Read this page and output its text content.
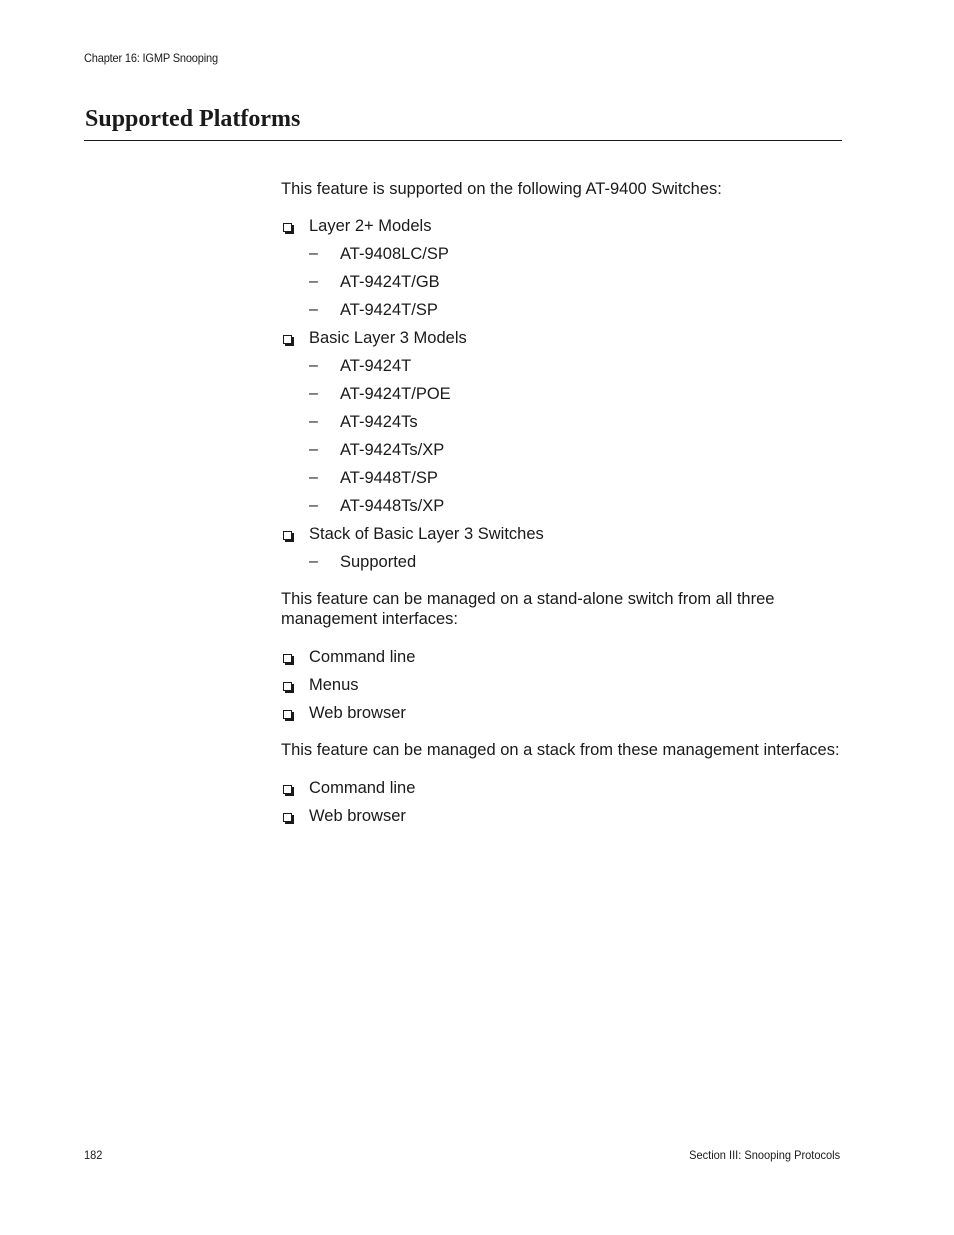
Chapter 16: IGMP Snooping
Supported Platforms

This feature is supported on the following AT-9400 Switches:

Layer 2+ Models
–	AT-9408LC/SP
–	AT-9424T/GB
–	AT-9424T/SP
Basic Layer 3 Models
–	AT-9424T
–	AT-9424T/POE
–	AT-9424Ts
–	AT-9424Ts/XP
–	AT-9448T/SP
–	AT-9448Ts/XP
Stack of Basic Layer 3 Switches
–	Supported

This feature can be managed on a stand-alone switch from all three management interfaces:

Command line
Menus
Web browser

This feature can be managed on a stack from these management interfaces:

Command line
Web browser
182	Section III: Snooping Protocols
